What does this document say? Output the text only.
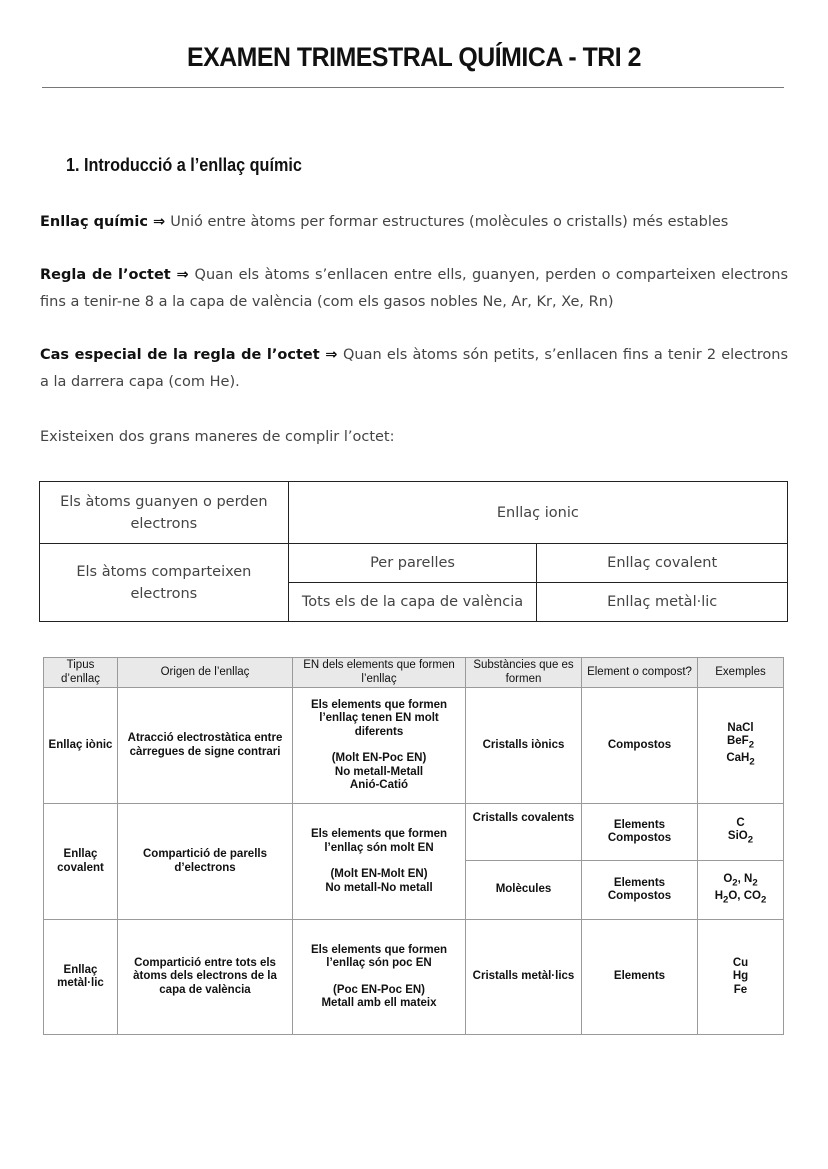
EXAMEN TRIMESTRAL QUÍMICA - TRI 2
1. Introducció a l’enllaç químic
Enllaç químic ⇒ Unió entre àtoms per formar estructures (molècules o cristalls) més estables
Regla de l’octet ⇒ Quan els àtoms s’enllacen entre ells, guanyen, perden o comparteixen electrons fins a tenir-ne 8 a la capa de valència (com els gasos nobles Ne, Ar, Kr, Xe, Rn)
Cas especial de la regla de l’octet ⇒ Quan els àtoms són petits, s’enllacen fins a tenir 2 electrons a la darrera capa (com He).
Existeixen dos grans maneres de complir l’octet:
Els àtoms guanyen o perden electrons	Enllaç ionic	
Els àtoms comparteixen electrons	Per parelles	Enllaç covalent
	Tots els de la capa de valència	Enllaç metàl·lic
Tipus d’enllaç	Origen de l’enllaç	EN dels elements que formen l’enllaç	Substàncies que es formen	Element o compost?	Exemples
Enllaç iònic	Atracció electrostàtica entre càrregues de signe contrari	Els elements que formen l’enllaç tenen EN molt diferents
(Molt EN-Poc EN)
No metall-Metall
Anió-Catió	Cristalls iònics	Compostos	NaCl
BeF$_2$
CaH$_2$

Enllaç covalent	Compartició de parells d’electrons	Els elements que formen l’enllaç són molt EN
(Molt EN-Molt EN)
No metall-No metall	Cristalls covalents	Elements
Compostos	C
SiO$_2$

			Molècules	Elements
Compostos	$O_2$, $N_2$
$H_2O$, $CO_2$

Enllaç metàl·lic	Compartició entre tots els àtoms dels electrons de la capa de valència	Els elements que formen l’enllaç són poc EN
(Poc EN-Poc EN)
Metall amb ell mateix	Cristalls metàl·lics	Elements	Cu
Hg
Fe
